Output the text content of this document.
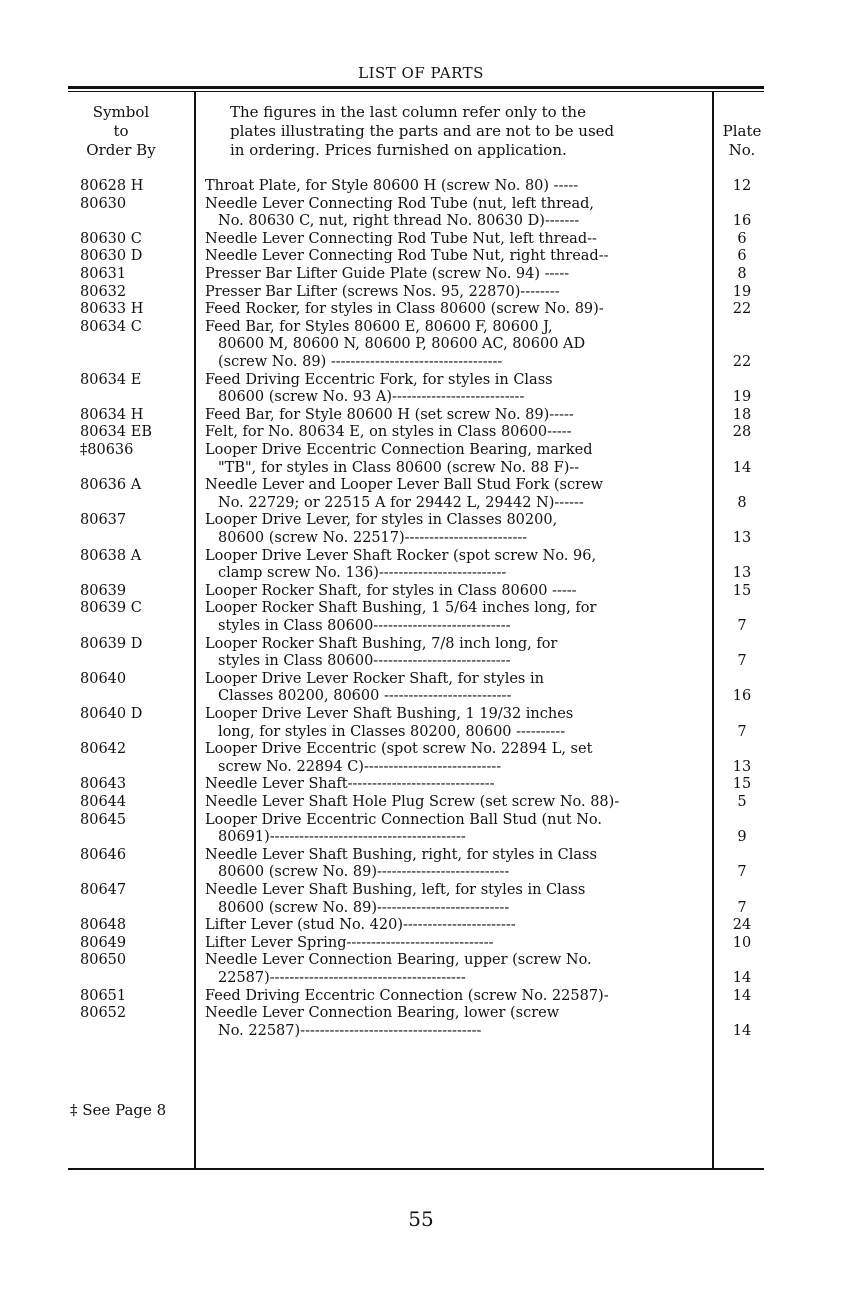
LIST OF PARTS
Symbol
to
Order By
The figures in the last column refer only to the
plates illustrating the parts and are not to be used
in ordering. Prices furnished on application.
Plate
No.
80628 H	Throat Plate, for Style 80600 H (screw No. 80) -----	12
80630	Needle Lever Connecting Rod Tube (nut, left thread,
No. 80630 C, nut, right thread No. 80630 D)-------	16
80630 C	Needle Lever Connecting Rod Tube Nut, left thread--	6
80630 D	Needle Lever Connecting Rod Tube Nut, right thread--	6
80631	Presser Bar Lifter Guide Plate (screw No. 94) -----	8
80632	Presser Bar Lifter (screws Nos. 95, 22870)--------	19
80633 H	Feed Rocker, for styles in Class 80600 (screw No. 89)-	22
80634 C	Feed Bar, for Styles 80600 E, 80600 F, 80600 J,
80600 M, 80600 N, 80600 P, 80600 AC, 80600 AD
(screw No. 89) -----------------------------------	22
80634 E	Feed Driving Eccentric Fork, for styles in Class
80600 (screw No. 93 A)---------------------------	19
80634 H	Feed Bar, for Style 80600 H (set screw No. 89)-----	18
80634 EB	Felt, for No. 80634 E, on styles in Class 80600-----	28
‡80636	Looper Drive Eccentric Connection Bearing, marked
"TB", for styles in Class 80600 (screw No. 88 F)--	14
80636 A	Needle Lever and Looper Lever Ball Stud Fork (screw
No. 22729; or 22515 A for 29442 L, 29442 N)------	8
80637	Looper Drive Lever, for styles in Classes 80200,
80600 (screw No. 22517)-------------------------	13
80638 A	Looper Drive Lever Shaft Rocker (spot screw No. 96,
clamp screw No. 136)--------------------------	13
80639	Looper Rocker Shaft, for styles in Class 80600 -----	15
80639 C	Looper Rocker Shaft Bushing, 1 5/64 inches long, for
styles in Class 80600----------------------------	7
80639 D	Looper Rocker Shaft Bushing, 7/8 inch long, for
styles in Class 80600----------------------------	7
80640	Looper Drive Lever Rocker Shaft, for styles in
Classes 80200, 80600 --------------------------	16
80640 D	Looper Drive Lever Shaft Bushing, 1 19/32 inches
long, for styles in Classes 80200, 80600 ----------	7
80642	Looper Drive Eccentric (spot screw No. 22894 L, set
screw No. 22894 C)----------------------------	13
80643	Needle Lever Shaft------------------------------	15
80644	Needle Lever Shaft Hole Plug Screw (set screw No. 88)-	5
80645	Looper Drive Eccentric Connection Ball Stud (nut No.
80691)----------------------------------------	9
80646	Needle Lever Shaft Bushing, right, for styles in Class
80600 (screw No. 89)---------------------------	7
80647	Needle Lever Shaft Bushing, left, for styles in Class
80600 (screw No. 89)---------------------------	7
80648	Lifter Lever (stud No. 420)-----------------------	24
80649	Lifter Lever Spring------------------------------	10
80650	Needle Lever Connection Bearing, upper (screw No.
22587)----------------------------------------	14
80651	Feed Driving Eccentric Connection (screw No. 22587)-	14
80652	Needle Lever Connection Bearing, lower (screw
No. 22587)-------------------------------------	14
‡ See Page 8
55
